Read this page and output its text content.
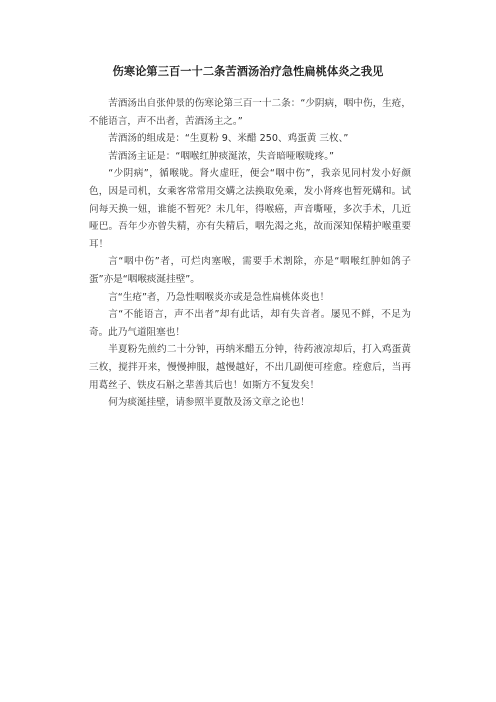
伤寒论第三百一十二条苦酒汤治疗急性扁桃体炎之我见

苦酒汤出自张仲景的伤寒论第三百一十二条：“少阴病，咽中伤，生疮，不能语言，声不出者，苦酒汤主之。”

苦酒汤的组成是：“生夏粉 9、米醋 250、鸡蛋黄 三枚、”

苦酒汤主证是：“咽喉红肿痰涎浓，失音暗哑喉咙疼。”

“少阴病”，循喉咙。肾火虚旺，便会“咽中伤”，我亲见同村发小好颜色，因是司机，女乘客常常用交媾之法换取免乘，发小肾疼也暂死媾和。试问每天换一妞，谁能不暂死？未几年，得喉癌，声音嘶哑，多次手术，几近哑巴。吾年少亦曾失精，亦有失精后，咽先渴之兆，故而深知保精护喉重要耳！

言“咽中伤”者，可烂肉塞喉，需要手术割除，亦是“咽喉红肿如鸽子蛋”亦是“咽喉痰涎挂壁”。

言“生疮”者，乃急性咽喉炎亦或是急性扁桃体炎也！

言“不能语言，声不出者”却有此话，却有失音者。屡见不鲜，不足为奇。此乃气道阻塞也！

半夏粉先煎约二十分钟，再纳米醋五分钟，待药液凉却后，打入鸡蛋黄三枚，搅拌开来，慢慢抻服，越慢越好，不出几副便可痊愈。痊愈后，当再用葛丝子、铁皮石斛之辈善其后也！如斯方不复发矣！

何为痰涎挂壁，请参照半夏散及汤文章之论也！
